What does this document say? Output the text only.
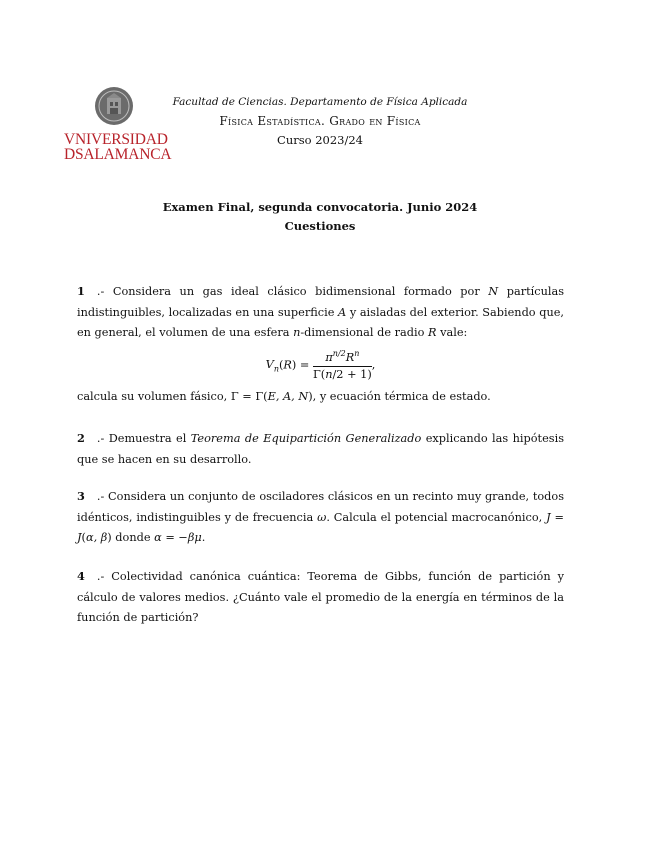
VNIVERSIDAD
DSALAMANCA
Facultad de Ciencias. Departamento de Física Aplicada
Física Estadística. Grado en Física
Curso 2023/24
Examen Final, segunda convocatoria. Junio 2024
Cuestiones
1 .- Considera un gas ideal clásico bidimensional formado por N partículas indistinguibles, localizadas en una superficie A y aisladas del exterior. Sabiendo que, en general, el volumen de una esfera n-dimensional de radio R vale:
$V_n(R) = \frac{\pi^{n/2}R^n}{\Gamma(n/2 + 1)}$ ,
calcula su volumen fásico, Γ = Γ(E, A, N), y ecuación térmica de estado.
2 .- Demuestra el Teorema de Equipartición Generalizado explicando las hipótesis que se hacen en su desarrollo.
3 .- Considera un conjunto de osciladores clásicos en un recinto muy grande, todos idénticos, indistinguibles y de frecuencia ω. Calcula el potencial macrocanónico, J = J(α, β) donde α = −βμ.
4 .- Colectividad canónica cuántica: Teorema de Gibbs, función de partición y cálculo de valores medios. ¿Cuánto vale el promedio de la energía en términos de la función de partición?
